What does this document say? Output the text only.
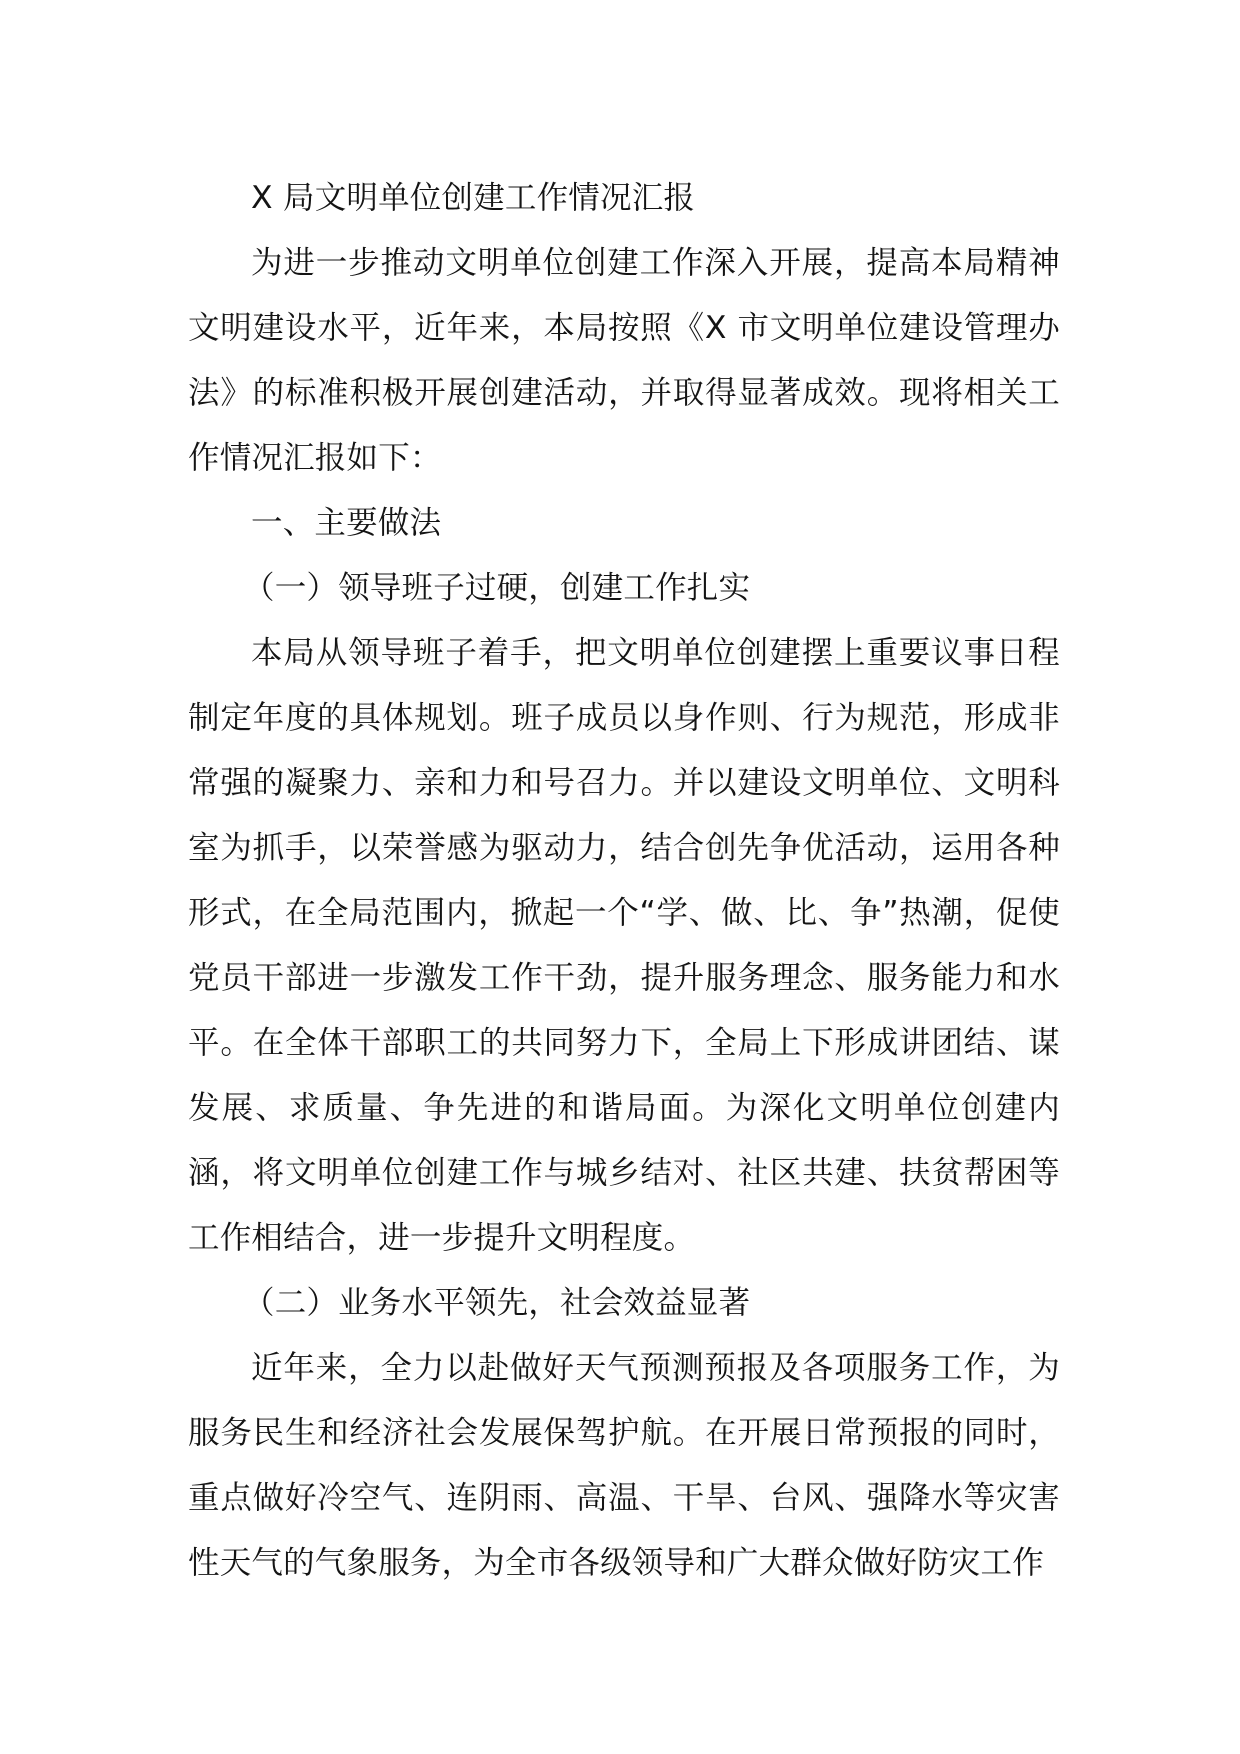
X 局文明单位创建工作情况汇报

为进一步推动文明单位创建工作深入开展，提高本局精神文明建设水平，近年来，本局按照《X 市文明单位建设管理办法》的标准积极开展创建活动，并取得显著成效。现将相关工作情况汇报如下：

一、主要做法

（一）领导班子过硬，创建工作扎实

本局从领导班子着手，把文明单位创建摆上重要议事日程制定年度的具体规划。班子成员以身作则、行为规范，形成非常强的凝聚力、亲和力和号召力。并以建设文明单位、文明科室为抓手，以荣誉感为驱动力，结合创先争优活动，运用各种形式，在全局范围内，掀起一个“学、做、比、争”热潮，促使党员干部进一步激发工作干劲，提升服务理念、服务能力和水平。在全体干部职工的共同努力下，全局上下形成讲团结、谋发展、求质量、争先进的和谐局面。为深化文明单位创建内涵，将文明单位创建工作与城乡结对、社区共建、扶贫帮困等工作相结合，进一步提升文明程度。

（二）业务水平领先，社会效益显著

近年来，全力以赴做好天气预测预报及各项服务工作，为服务民生和经济社会发展保驾护航。在开展日常预报的同时，重点做好冷空气、连阴雨、高温、干旱、台风、强降水等灾害性天气的气象服务，为全市各级领导和广大群众做好防灾工作
